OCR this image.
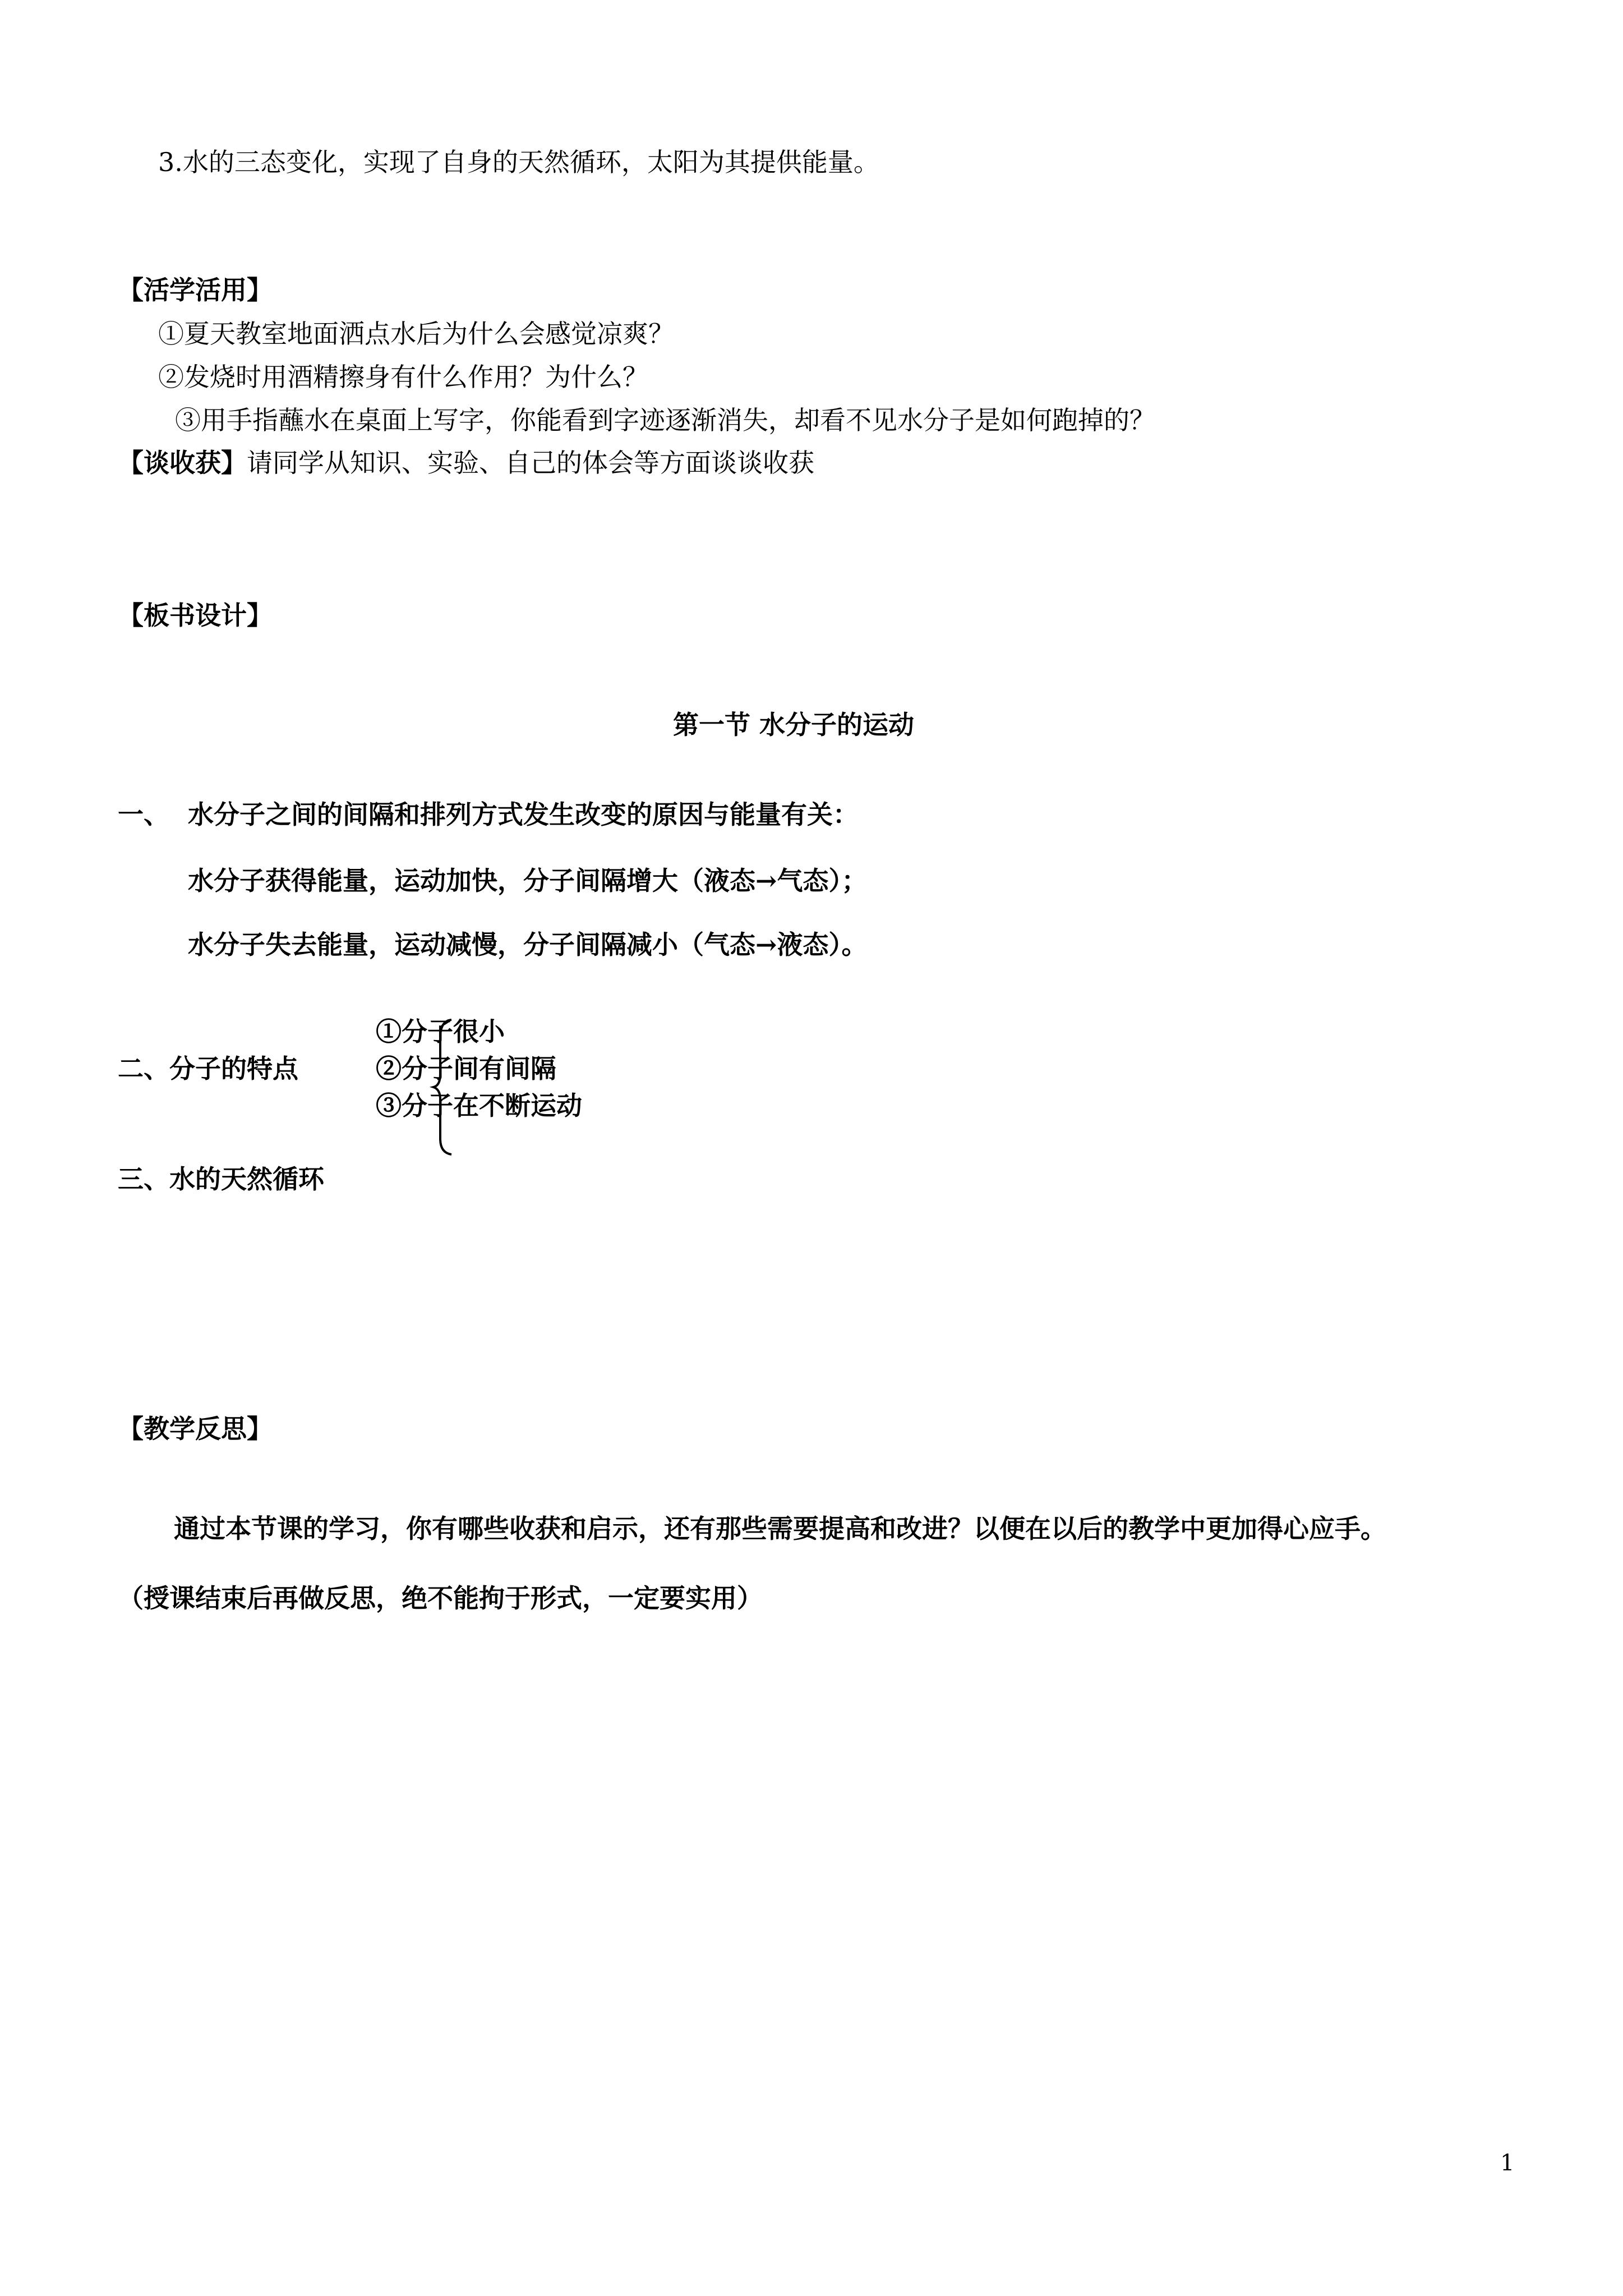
3.水的三态变化，实现了自身的天然循环，太阳为其提供能量。
【活学活用】
①夏天教室地面洒点水后为什么会感觉凉爽？
②发烧时用酒精擦身有什么作用？为什么？
③用手指蘸水在桌面上写字，你能看到字迹逐渐消失，却看不见水分子是如何跑掉的？
【谈收获】请同学从知识、实验、自己的体会等方面谈谈收获
【板书设计】
第一节 水分子的运动
一、 水分子之间的间隔和排列方式发生改变的原因与能量有关：
水分子获得能量，运动加快，分子间隔增大（液态→气态）；
水分子失去能量，运动减慢，分子间隔减小（气态→液态）。
二、分子的特点
①分子很小
②分子间有间隔
③分子在不断运动
三、水的天然循环
【教学反思】
通过本节课的学习，你有哪些收获和启示，还有那些需要提高和改进？以便在以后的教学中更加得心应手。
（授课结束后再做反思，绝不能拘于形式，一定要实用）
1
